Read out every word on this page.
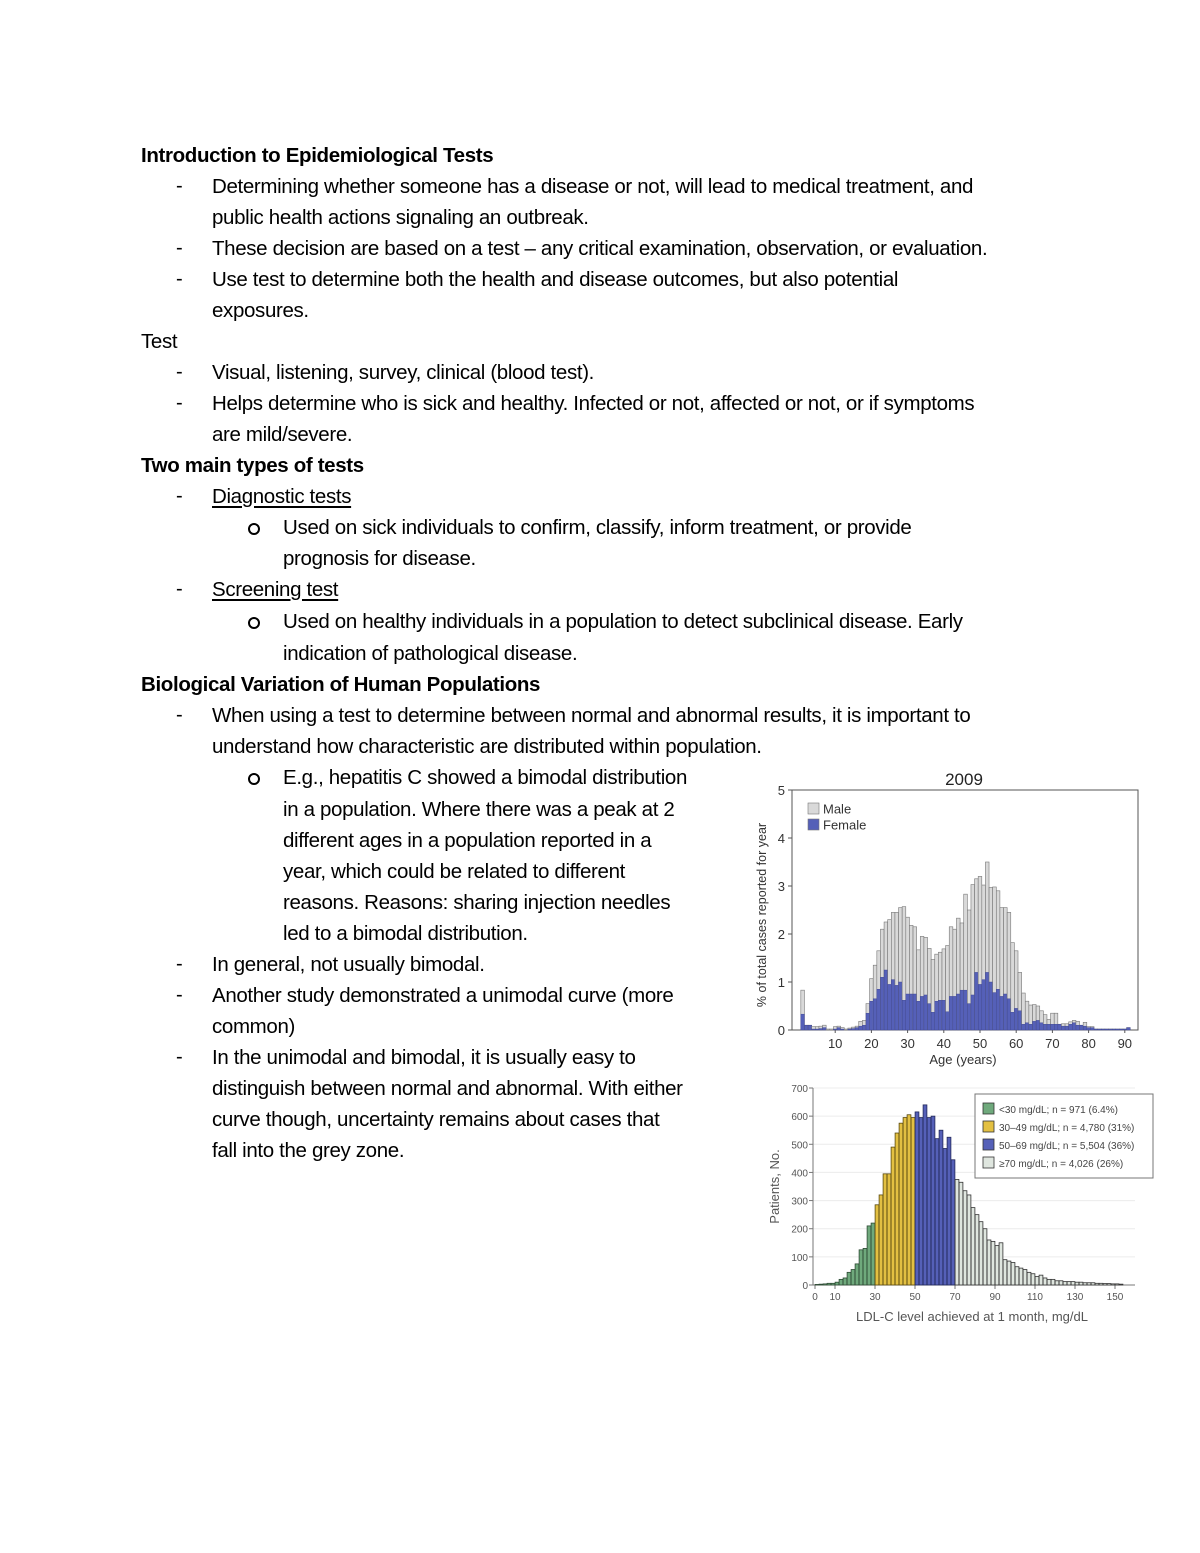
Introduction to Epidemiological Tests
- Determining whether someone has a disease or not, will lead to medical treatment, and
public health actions signaling an outbreak.
- These decision are based on a test – any critical examination, observation, or evaluation.
- Use test to determine both the health and disease outcomes, but also potential
exposures.
Test
- Visual, listening, survey, clinical (blood test).
- Helps determine who is sick and healthy. Infected or not, affected or not, or if symptoms
are mild/severe.
Two main types of tests
- Diagnostic tests
Used on sick individuals to confirm, classify, inform treatment, or provide
prognosis for disease.
- Screening test
Used on healthy individuals in a population to detect subclinical disease. Early
indication of pathological disease.
Biological Variation of Human Populations
- When using a test to determine between normal and abnormal results, it is important to
understand how characteristic are distributed within population.
E.g., hepatitis C showed a bimodal distribution
in a population. Where there was a peak at 2
different ages in a population reported in a
year, which could be related to different
reasons. Reasons: sharing injection needles
led to a bimodal distribution.
- In general, not usually bimodal.
- Another study demonstrated a unimodal curve (more
common)
- In the unimodal and bimodal, it is usually easy to
distinguish between normal and abnormal. With either
curve though, uncertainty remains about cases that
fall into the grey zone.
2009
0
1
2
3
4
5
10 20 30 40 50 60 70 80 90
Age (years)
% of total cases reported for year
Male
Female
0
100
200
300
400
500
600
700
0 10	30	50	70	90	110 130 150
LDL-C level achieved at 1 month, mg/dL
Patients, No.
<30 mg/dL; n = 971 (6.4%)
30–49 mg/dL; n = 4,780 (31%)
50–69 mg/dL; n = 5,504 (36%)
≥70 mg/dL; n = 4,026 (26%)
